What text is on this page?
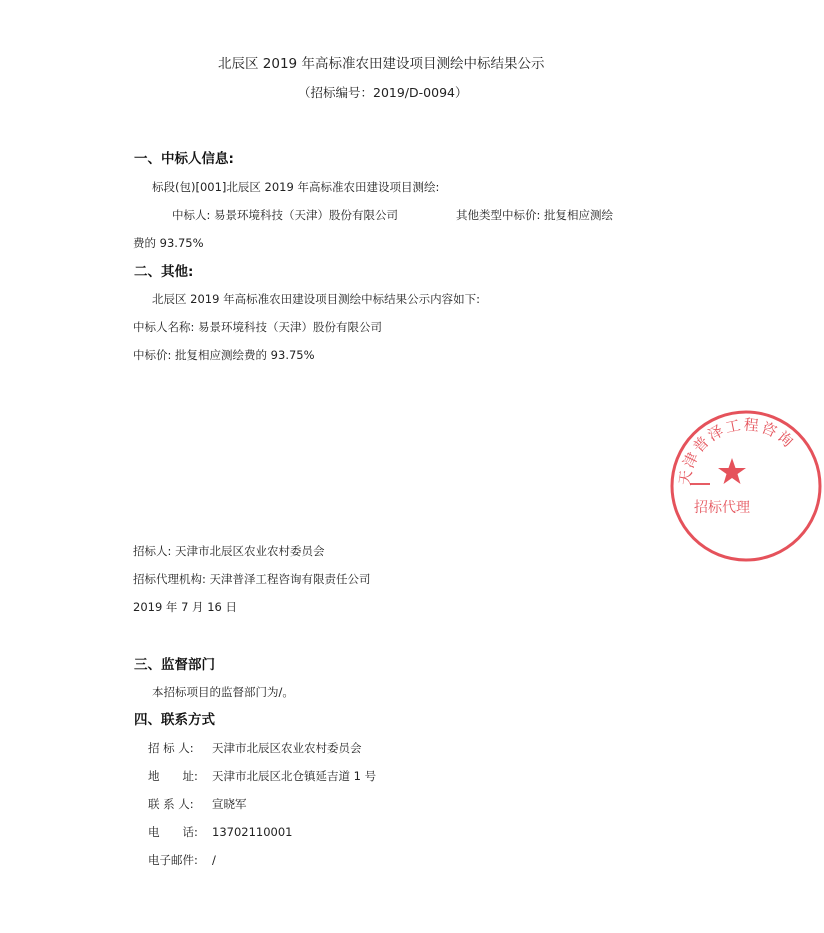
北辰区 2019 年高标准农田建设项目测绘中标结果公示
（招标编号：2019/D-0094）
一、中标人信息:
标段(包)[001]北辰区 2019 年高标准农田建设项目测绘:
中标人: 易景环境科技（天津）股份有限公司	其他类型中标价: 批复相应测绘
费的 93.75%
二、其他:
北辰区 2019 年高标准农田建设项目测绘中标结果公示内容如下:
中标人名称: 易景环境科技（天津）股份有限公司
中标价: 批复相应测绘费的 93.75%
招标人: 天津市北辰区农业农村委员会
招标代理机构: 天津普泽工程咨询有限责任公司
2019 年 7 月 16 日
三、监督部门
本招标项目的监督部门为/。
四、联系方式
招 标 人: 天津市北辰区农业农村委员会
地　　址: 天津市北辰区北仓镇延吉道 1 号
联 系 人: 宣晓军
电　　话: 13702110001
电子邮件: /
天津普泽工程咨询
招标代理
